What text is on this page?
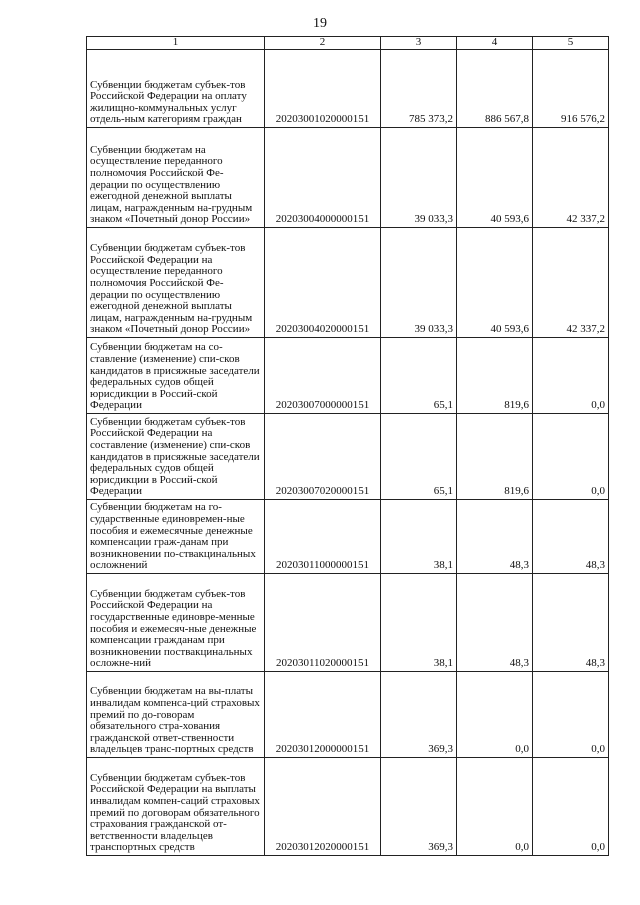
19
1	2	3	4	5
Субвенции бюджетам субъек-тов Российской Федерации на оплату жилищно-коммунальных услуг отдель-ным категориям граждан	20203001020000151	785 373,2	886 567,8	916 576,2
Субвенции бюджетам на осуществление переданного полномочия Российской Фе-дерации по осуществлению ежегодной денежной выплаты лицам, награжденным на-грудным знаком «Почетный донор России»	20203004000000151	39 033,3	40 593,6	42 337,2
Субвенции бюджетам субъек-тов Российской Федерации на осуществление переданного полномочия Российской Фе-дерации по осуществлению ежегодной денежной выплаты лицам, награжденным на-грудным знаком «Почетный донор России»	20203004020000151	39 033,3	40 593,6	42 337,2
Субвенции бюджетам на со-ставление (изменение) спи-сков кандидатов в присяжные заседатели федеральных судов общей юрисдикции в Россий-ской Федерации	20203007000000151	65,1	819,6	0,0
Субвенции бюджетам субъек-тов Российской Федерации на составление (изменение) спи-сков кандидатов в присяжные заседатели федеральных судов общей юрисдикции в Россий-ской Федерации	20203007020000151	65,1	819,6	0,0
Субвенции бюджетам на го-сударственные единовремен-ные пособия и ежемесячные денежные компенсации граж-данам при возникновении по-ствакцинальных осложнений	20203011000000151	38,1	48,3	48,3
Субвенции бюджетам субъек-тов Российской Федерации на государственные единовре-менные пособия и ежемесяч-ные денежные компенсации гражданам при возникновении поствакцинальных осложне-ний	20203011020000151	38,1	48,3	48,3
Субвенции бюджетам на вы-платы инвалидам компенса-ций страховых премий по до-говорам обязательного стра-хования гражданской ответ-ственности владельцев транс-портных средств	20203012000000151	369,3	0,0	0,0
Субвенции бюджетам субъек-тов Российской Федерации на выплаты инвалидам компен-саций страховых премий по договорам обязательного страхования гражданской от-ветственности владельцев транспортных средств	20203012020000151	369,3	0,0	0,0
